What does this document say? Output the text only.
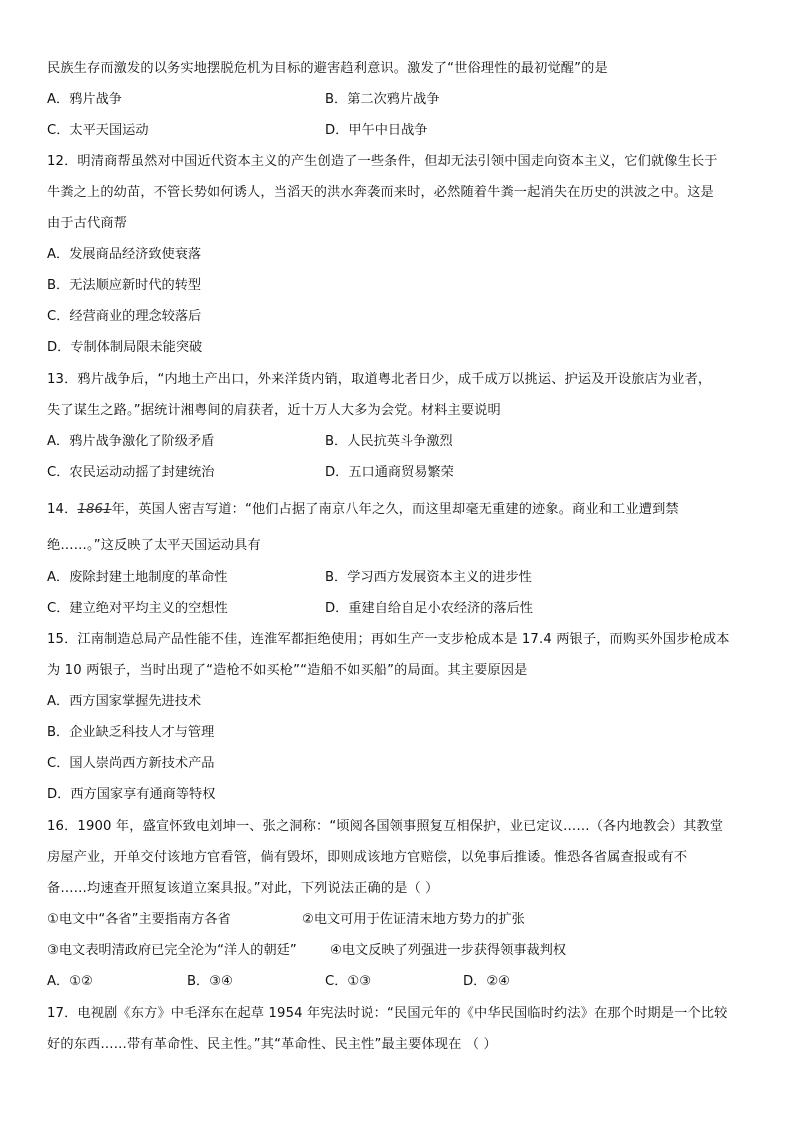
民族生存而激发的以务实地摆脱危机为目标的避害趋利意识。激发了“世俗理性的最初觉醒”的是
A．鸦片战争	B．第二次鸦片战争
C．太平天国运动	D．甲午中日战争
12．明清商帮虽然对中国近代资本主义的产生创造了一些条件，但却无法引领中国走向资本主义，它们就像生长于
牛粪之上的幼苗，不管长势如何诱人，当滔天的洪水奔袭而来时，必然随着牛粪一起消失在历史的洪波之中。这是
由于古代商帮
A．发展商品经济致使衰落
B．无法顺应新时代的转型
C．经营商业的理念较落后
D．专制体制局限未能突破
13．鸦片战争后，“内地土产出口，外来洋货内销，取道粤北者日少，成千成万以挑运、护运及开设旅店为业者，
失了谋生之路。”据统计湘粤间的肩获者，近十万人大多为会党。材料主要说明
A．鸦片战争激化了阶级矛盾	B．人民抗英斗争激烈
C．农民运动动摇了封建统治	D．五口通商贸易繁荣
14．1861年，英国人密吉写道：“他们占据了南京八年之久，而这里却毫无重建的迹象。商业和工业遭到禁
绝……。”这反映了太平天国运动具有
A．废除封建土地制度的革命性	B．学习西方发展资本主义的进步性
C．建立绝对平均主义的空想性	D．重建自给自足小农经济的落后性
15．江南制造总局产品性能不佳，连淮军都拒绝使用；再如生产一支步枪成本是 17.4 两银子，而购买外国步枪成本
为 10 两银子，当时出现了“造枪不如买枪”“造船不如买船”的局面。其主要原因是
A．西方国家掌握先进技术
B．企业缺乏科技人才与管理
C．国人崇尚西方新技术产品
D．西方国家享有通商等特权
16．1900 年，盛宣怀致电刘坤一、张之洞称：“顷阅各国领事照复互相保护，业已定议……（各内地教会）其教堂
房屋产业，开单交付该地方官看管，倘有毁坏，即则成该地方官赔偿，以免事后推诿。惟恐各省属查报或有不
备……均速查开照复该道立案具报。”对此，下列说法正确的是（ ）
①电文中“各省”主要指南方各省	②电文可用于佐证清末地方势力的扩张
③电文表明清政府已完全沦为“洋人的朝廷”	④电文反映了列强进一步获得领事裁判权
A．①②	B．③④	C．①③	D．②④
17．电视剧《东方》中毛泽东在起草 1954 年宪法时说：“民国元年的《中华民国临时约法》在那个时期是一个比较
好的东西……带有革命性、民主性。”其“革命性、民主性”最主要体现在 （ ）
